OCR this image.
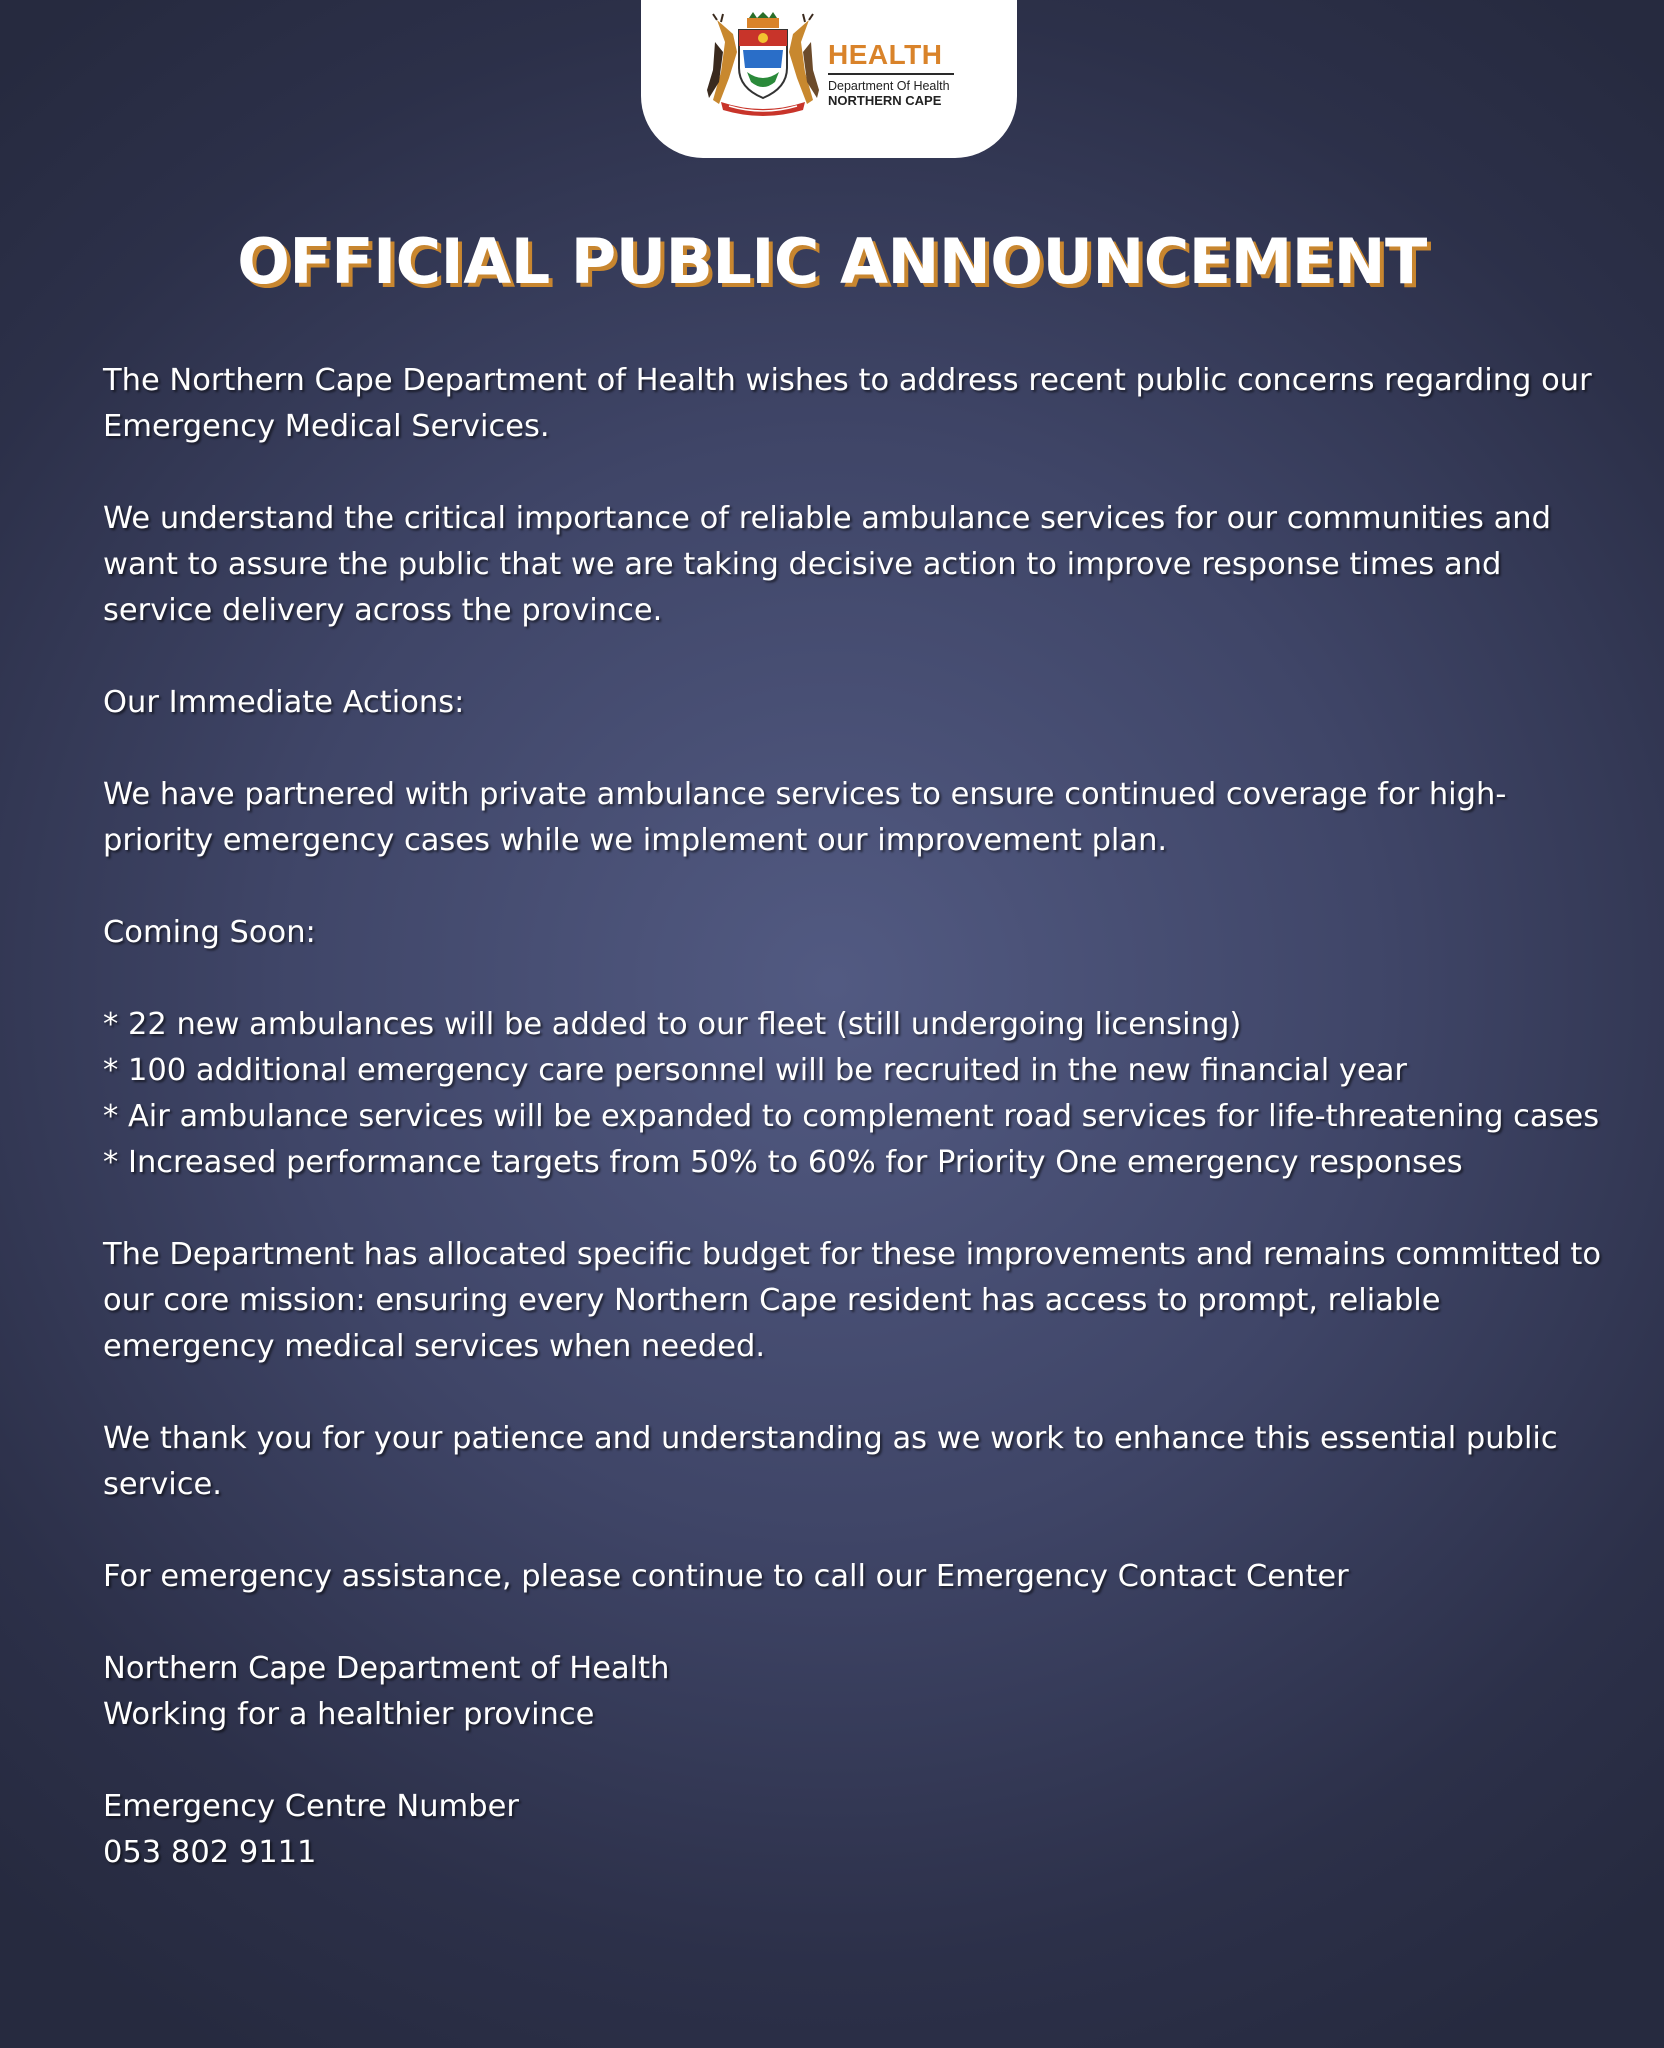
HEALTH
Department Of Health
NORTHERN CAPE
OFFICIAL PUBLIC ANNOUNCEMENT

The Northern Cape Department of Health wishes to address recent public concerns regarding our Emergency Medical Services.

We understand the critical importance of reliable ambulance services for our communities and want to assure the public that we are taking decisive action to improve response times and service delivery across the province.

Our Immediate Actions:

We have partnered with private ambulance services to ensure continued coverage for high-priority emergency cases while we implement our improvement plan.

Coming Soon:

* 22 new ambulances will be added to our fleet (still undergoing licensing)

* 100 additional emergency care personnel will be recruited in the new financial year

* Air ambulance services will be expanded to complement road services for life-threatening cases

* Increased performance targets from 50% to 60% for Priority One emergency responses

The Department has allocated specific budget for these improvements and remains committed to our core mission: ensuring every Northern Cape resident has access to prompt, reliable emergency medical services when needed.

We thank you for your patience and understanding as we work to enhance this essential public service.

For emergency assistance, please continue to call our Emergency Contact Center

Northern Cape Department of Health

Working for a healthier province

Emergency Centre Number

053 802 9111
